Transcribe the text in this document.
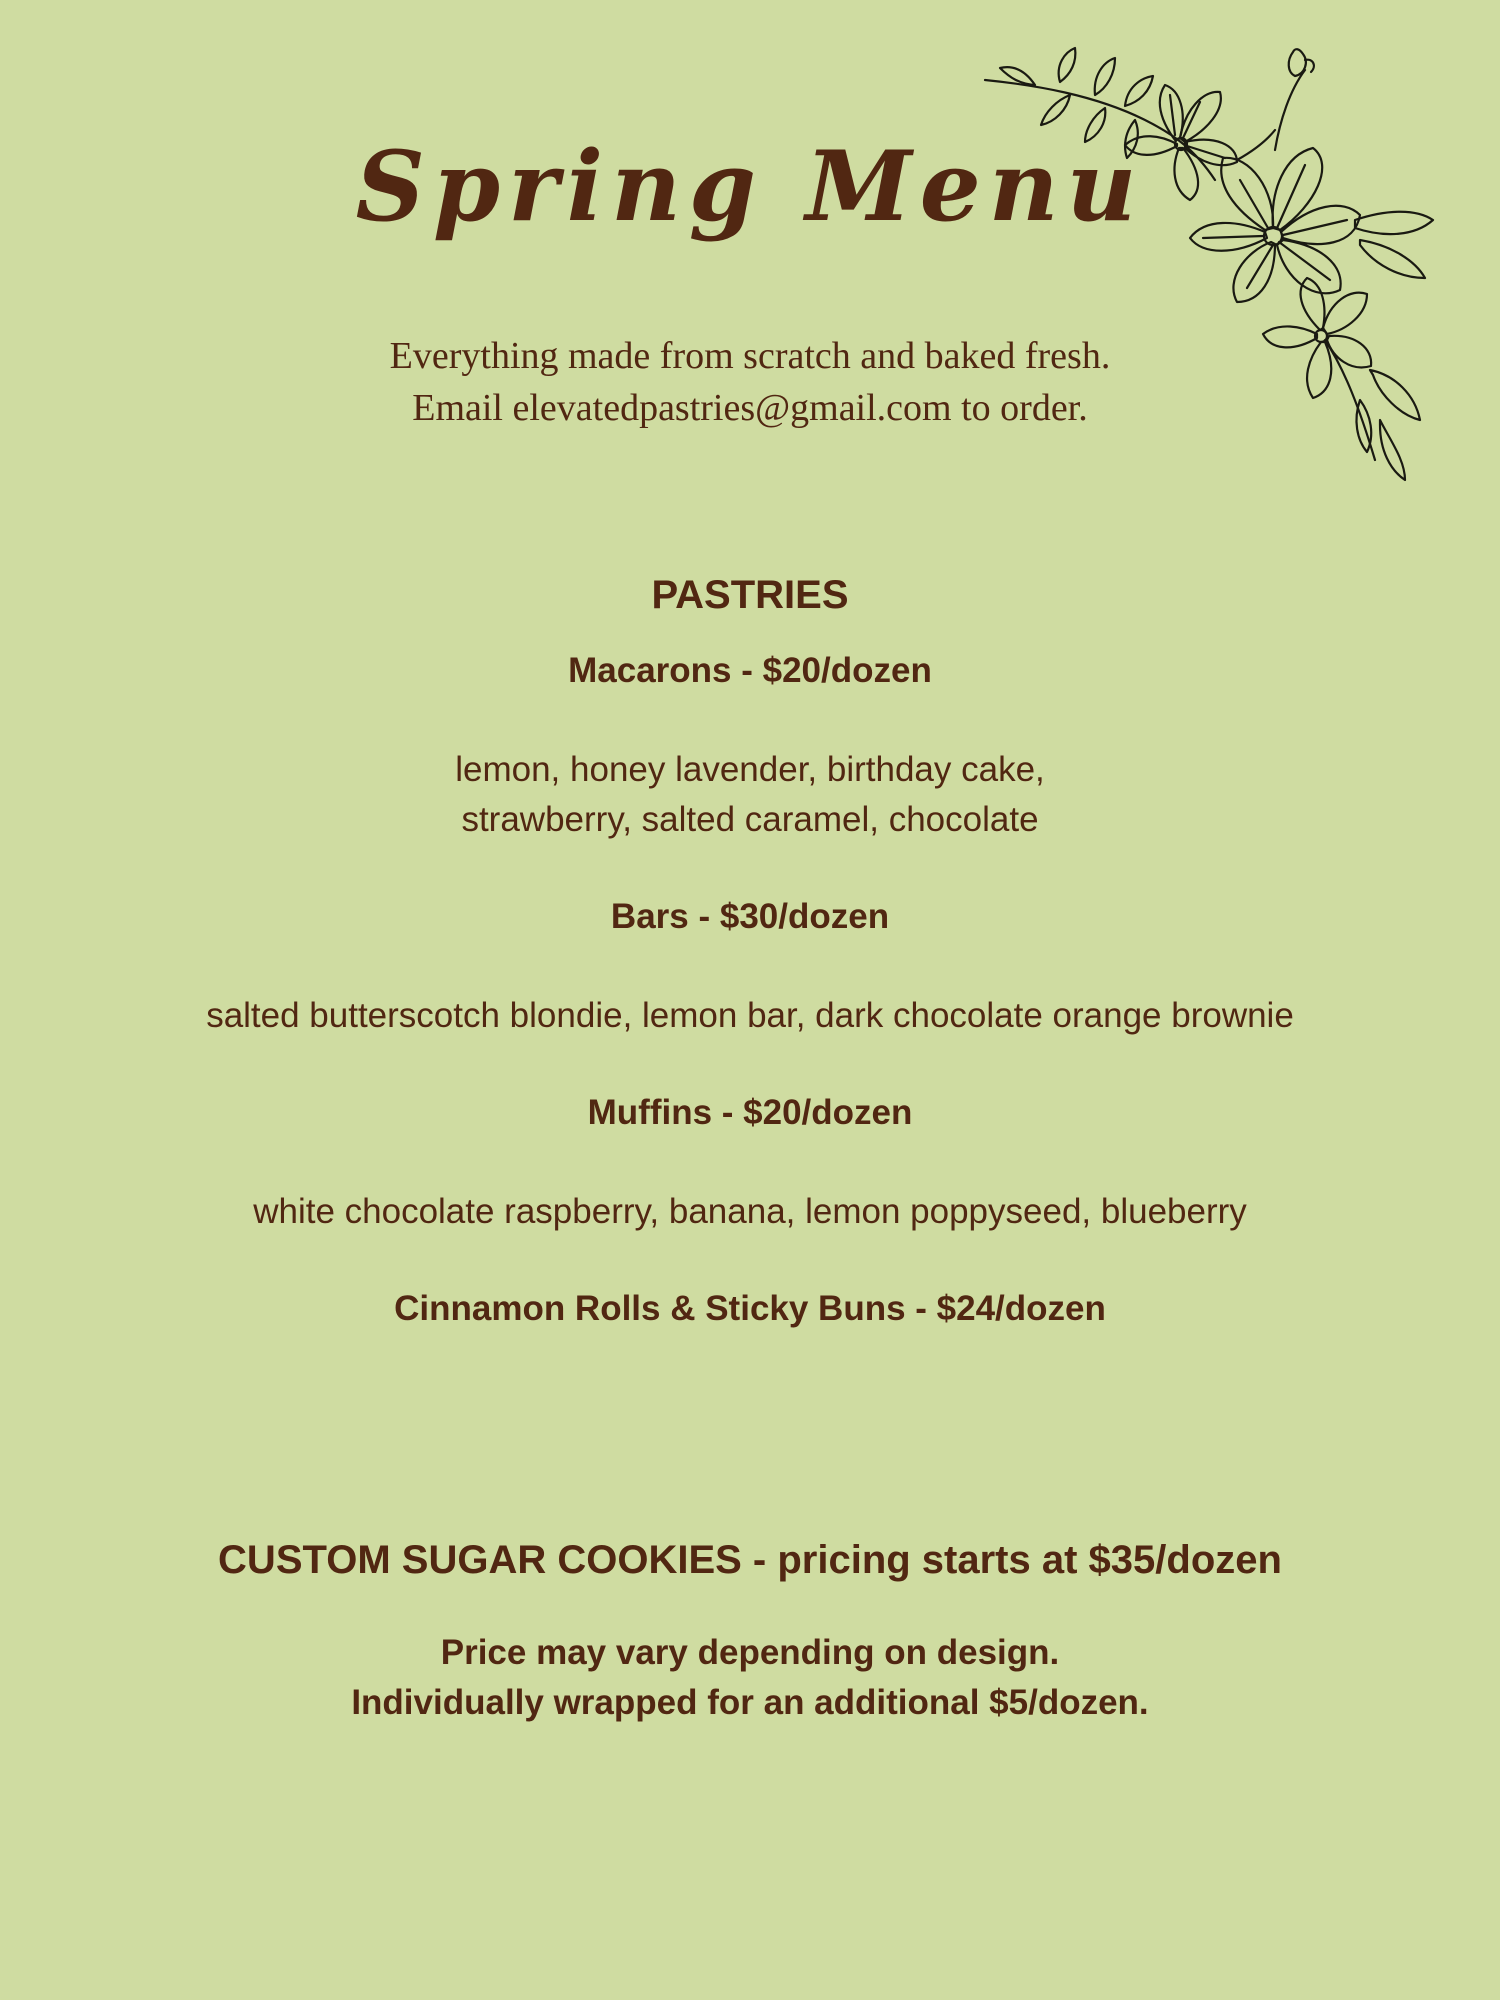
Spring Menu
Everything made from scratch and baked fresh.
Email elevatedpastries@gmail.com to order.
PASTRIES
Macarons - $20/dozen
lemon, honey lavender, birthday cake,
strawberry, salted caramel, chocolate
Bars - $30/dozen
salted butterscotch blondie, lemon bar, dark chocolate orange brownie
Muffins - $20/dozen
white chocolate raspberry, banana, lemon poppyseed, blueberry
Cinnamon Rolls & Sticky Buns - $24/dozen
CUSTOM SUGAR COOKIES - pricing starts at $35/dozen
Price may vary depending on design.
Individually wrapped for an additional $5/dozen.
